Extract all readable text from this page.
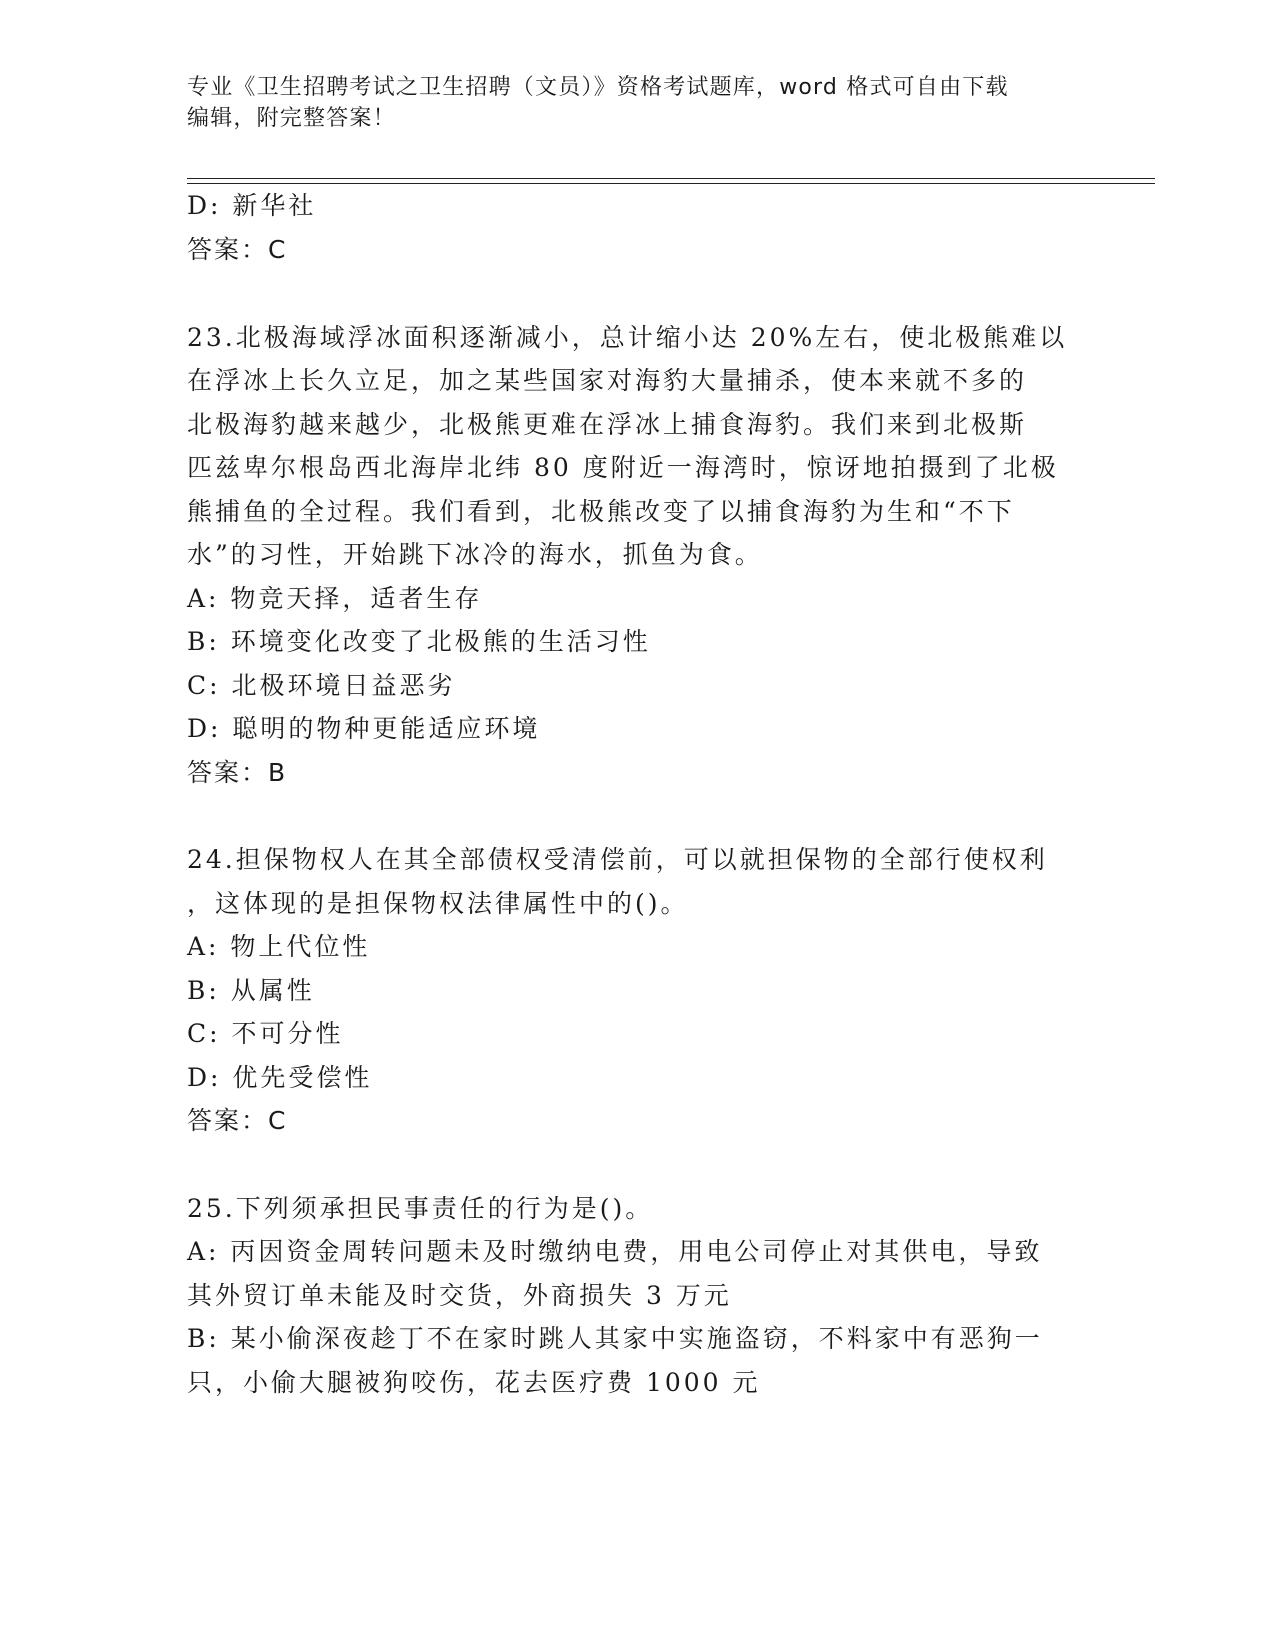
专业《卫生招聘考试之卫生招聘（文员）》资格考试题库，word 格式可自由下载
编辑，附完整答案！
D: 新华社
答案：C
23.北极海域浮冰面积逐渐减小，总计缩小达 20%左右，使北极熊难以
在浮冰上长久立足，加之某些国家对海豹大量捕杀，使本来就不多的
北极海豹越来越少，北极熊更难在浮冰上捕食海豹。我们来到北极斯
匹兹卑尔根岛西北海岸北纬 80 度附近一海湾时，惊讶地拍摄到了北极
熊捕鱼的全过程。我们看到，北极熊改变了以捕食海豹为生和“不下
水”的习性，开始跳下冰冷的海水，抓鱼为食。
A: 物竞天择，适者生存
B: 环境变化改变了北极熊的生活习性
C: 北极环境日益恶劣
D: 聪明的物种更能适应环境
答案：B
24.担保物权人在其全部债权受清偿前，可以就担保物的全部行使权利
，这体现的是担保物权法律属性中的()。
A: 物上代位性
B: 从属性
C: 不可分性
D: 优先受偿性
答案：C
25.下列须承担民事责任的行为是()。
A: 丙因资金周转问题未及时缴纳电费，用电公司停止对其供电，导致
其外贸订单未能及时交货，外商损失 3 万元
B: 某小偷深夜趁丁不在家时跳人其家中实施盗窃，不料家中有恶狗一
只，小偷大腿被狗咬伤，花去医疗费 1000 元
